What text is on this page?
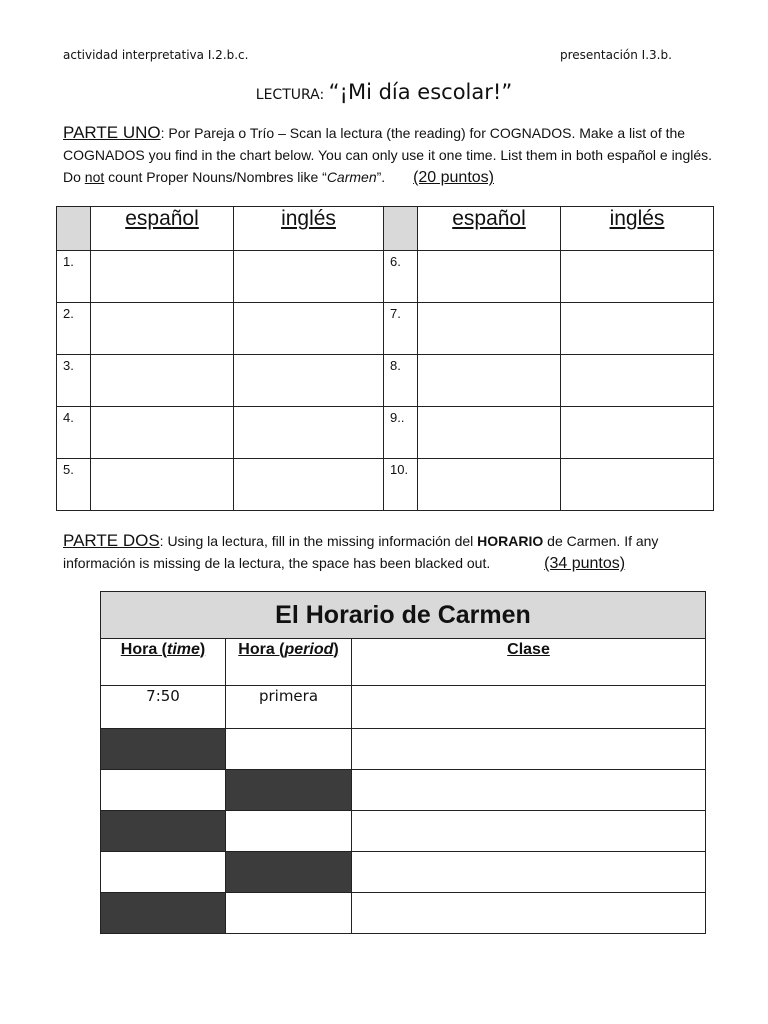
actividad interpretativa I.2.b.c.	presentación I.3.b.
LECTURA: “¡Mi día escolar!”
PARTE UNO: Por Pareja o Trío – Scan la lectura (the reading) for COGNADOS. Make a list of the COGNADOS you find in the chart below. You can only use it one time. List them in both español e inglés. Do not count Proper Nouns/Nombres like “Carmen”. (20 puntos)
	español	inglés		español	inglés
1.			6.		
2.			7.		
3.			8.		
4.			9..		
5.			10.		
PARTE DOS: Using la lectura, fill in the missing información del HORARIO de Carmen. If any información is missing de la lectura, the space has been blacked out.	(34 puntos)
El Horario de Carmen		
Hora (time)	Hora (period)	Clase
7:50	primera	
